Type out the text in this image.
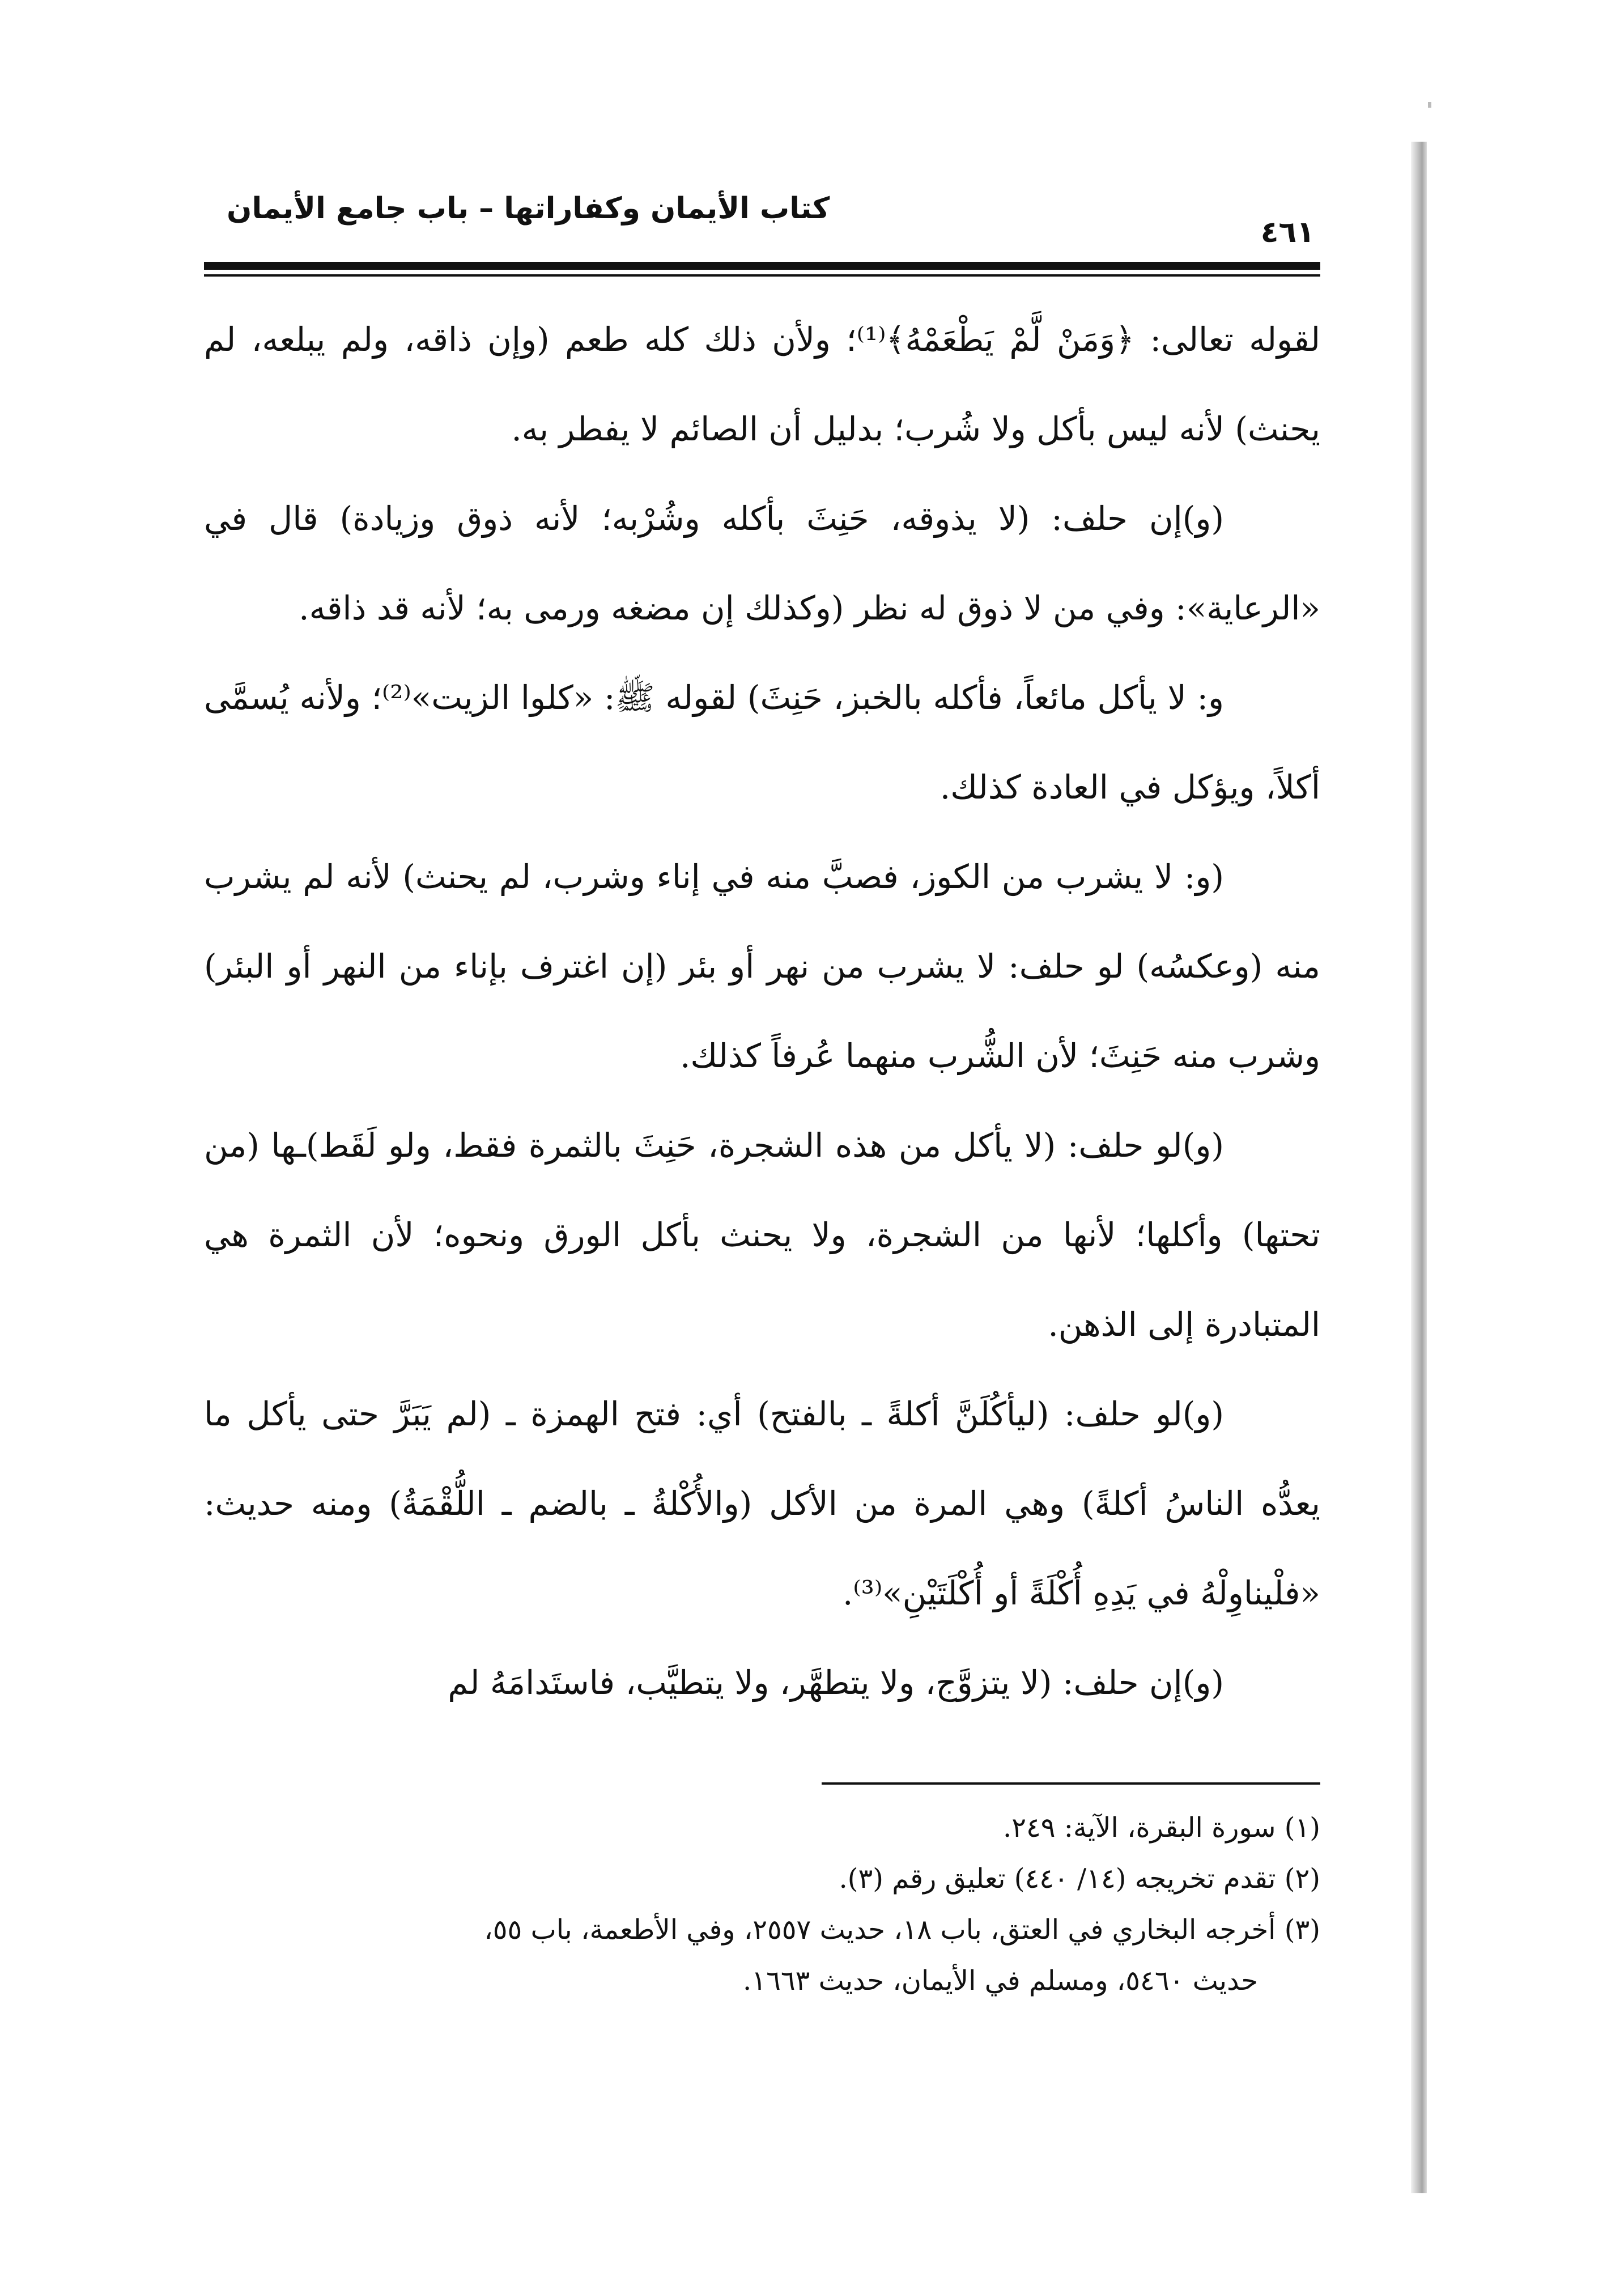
كتاب الأيمان وكفاراتها – باب جامع الأيمان
٤٦١

لقوله تعالى: ﴿وَمَنْ لَّمْ يَطْعَمْهُ﴾⁽¹⁾؛ ولأن ذلك كله طعم (وإن ذاقه، ولم يبلعه، لم يحنث) لأنه ليس بأكل ولا شُرب؛ بدليل أن الصائم لا يفطر به.

(و)إن حلف: (لا يذوقه، حَنِثَ بأكله وشُرْبه؛ لأنه ذوق وزيادة) قال في «الرعاية»: وفي من لا ذوق له نظر (وكذلك إن مضغه ورمى به؛ لأنه قد ذاقه.

و: لا يأكل مائعاً، فأكله بالخبز، حَنِثَ) لقوله ﷺ: «كلوا الزيت»⁽²⁾؛ ولأنه يُسمَّى أكلاً، ويؤكل في العادة كذلك.

(و: لا يشرب من الكوز، فصبَّ منه في إناء وشرب، لم يحنث) لأنه لم يشرب منه (وعكسُه) لو حلف: لا يشرب من نهر أو بئر (إن اغترف بإناء من النهر أو البئر) وشرب منه حَنِثَ؛ لأن الشُّرب منهما عُرفاً كذلك.

(و)لو حلف: (لا يأكل من هذه الشجرة، حَنِثَ بالثمرة فقط، ولو لَقَط)ـها (من تحتها) وأكلها؛ لأنها من الشجرة، ولا يحنث بأكل الورق ونحوه؛ لأن الثمرة هي المتبادرة إلى الذهن.

(و)لو حلف: (ليأكُلَنَّ أكلةً ـ بالفتح) أي: فتح الهمزة ـ (لم يَبَرَّ حتى يأكل ما يعدُّه الناسُ أكلةً) وهي المرة من الأكل (والأُكْلةُ ـ بالضم ـ اللُّقْمَةُ) ومنه حديث: «فلْيناوِلْهُ في يَدِهِ أُكْلَةً أو أُكْلَتَيْنِ»⁽³⁾.

(و)إن حلف: (لا يتزوَّج، ولا يتطهَّر، ولا يتطيَّب، فاستَدامَهُ لم

(١) سورة البقرة، الآية: ٢٤٩.
(٢) تقدم تخريجه (١٤/ ٤٤٠) تعليق رقم (٣).
(٣) أخرجه البخاري في العتق، باب ١٨، حديث ٢٥٥٧، وفي الأطعمة، باب ٥٥،
حديث ٥٤٦٠، ومسلم في الأيمان، حديث ١٦٦٣.
